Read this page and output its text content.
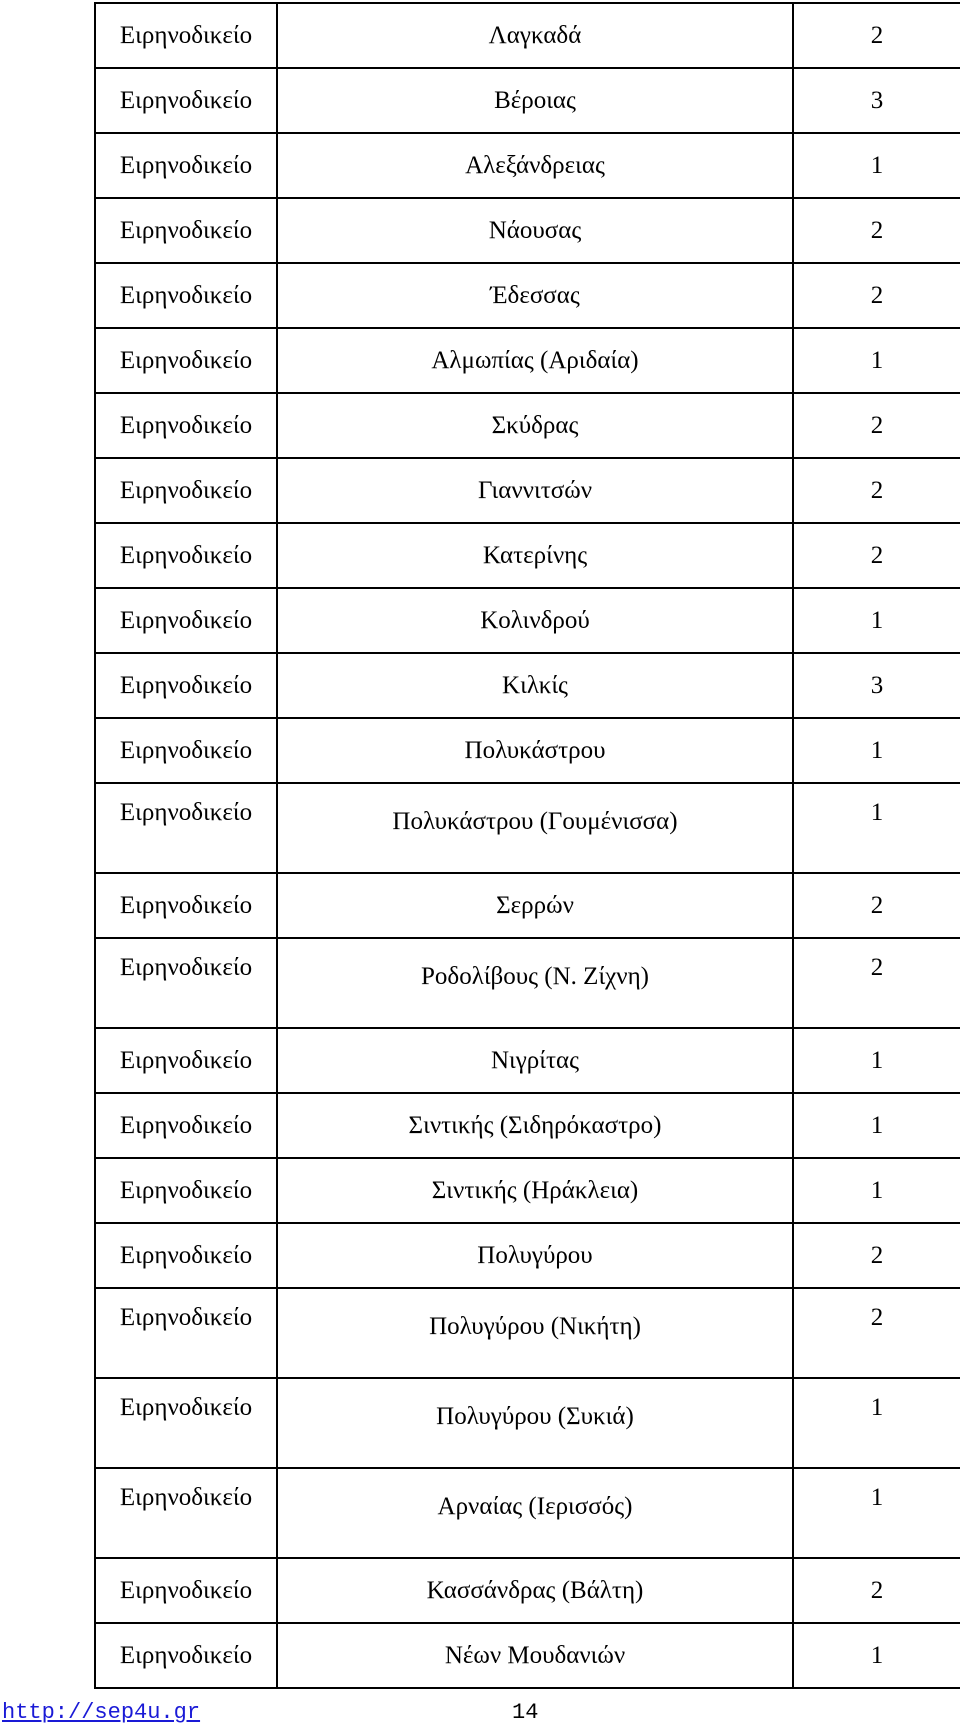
Ειρηνοδικείο	Λαγκαδά	2
Ειρηνοδικείο	Βέροιας	3
Ειρηνοδικείο	Αλεξάνδρειας	1
Ειρηνοδικείο	Νάουσας	2
Ειρηνοδικείο	Έδεσσας	2
Ειρηνοδικείο	Αλμωπίας (Αριδαία)	1
Ειρηνοδικείο	Σκύδρας	2
Ειρηνοδικείο	Γιαννιτσών	2
Ειρηνοδικείο	Κατερίνης	2
Ειρηνοδικείο	Κολινδρού	1
Ειρηνοδικείο	Κιλκίς	3
Ειρηνοδικείο	Πολυκάστρου	1
Ειρηνοδικείο	Πολυκάστρου (Γουμένισσα)	1
Ειρηνοδικείο	Σερρών	2
Ειρηνοδικείο	Ροδολίβους (Ν. Ζίχνη)	2
Ειρηνοδικείο	Νιγρίτας	1
Ειρηνοδικείο	Σιντικής (Σιδηρόκαστρο)	1
Ειρηνοδικείο	Σιντικής (Ηράκλεια)	1
Ειρηνοδικείο	Πολυγύρου	2
Ειρηνοδικείο	Πολυγύρου (Νικήτη)	2
Ειρηνοδικείο	Πολυγύρου (Συκιά)	1
Ειρηνοδικείο	Αρναίας (Ιερισσός)	1
Ειρηνοδικείο	Κασσάνδρας (Βάλτη)	2
Ειρηνοδικείο	Νέων Μουδανιών	1
http://sep4u.gr	14
